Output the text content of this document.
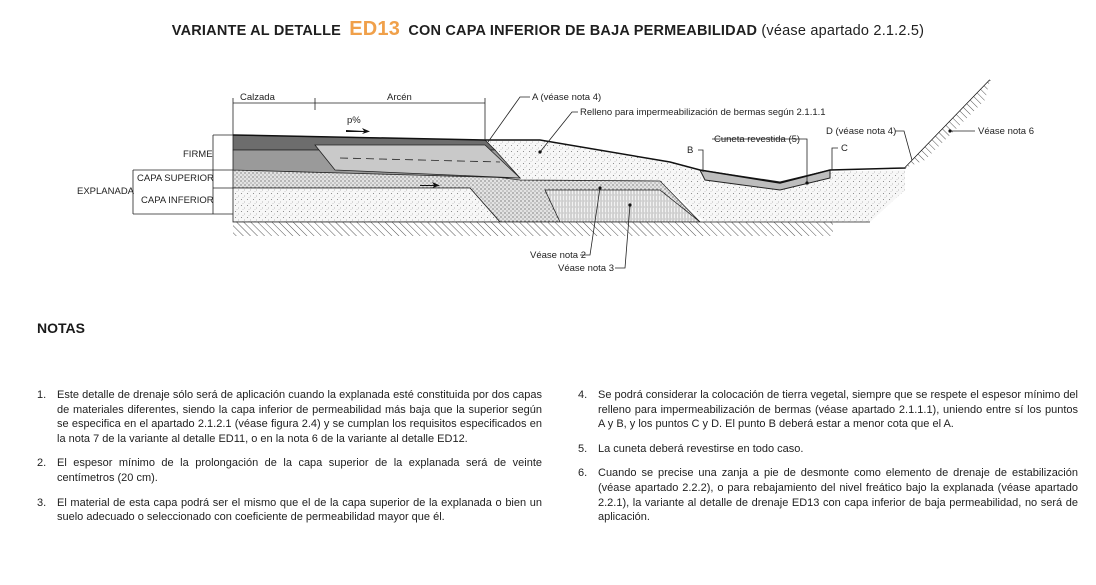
VARIANTE AL DETALLE ED13 CON CAPA INFERIOR DE BAJA PERMEABILIDAD (véase apartado 2.1.2.5)
Calzada	Arcén
p%
FIRME
CAPA SUPERIOR
EXPLANADA
CAPA INFERIOR
A (véase nota 4)
Relleno para impermeabilización de bermas según 2.1.1.1
B
Cuneta revestida (5)
C
D (véase nota 4)	Véase nota 6
Véase nota 2
Véase nota 3
NOTAS
1. Este detalle de drenaje sólo será de aplicación cuando la explanada esté constituida por dos capas de materiales diferentes, siendo la capa inferior de permeabilidad más baja que la superior según se especifica en el apartado 2.1.2.1 (véase figura 2.4) y se cumplan los requisitos especificados en la nota 7 de la variante al detalle ED11, o en la nota 6 de la variante al detalle ED12.
2. El espesor mínimo de la prolongación de la capa superior de la explanada será de veinte centímetros (20 cm).
3. El material de esta capa podrá ser el mismo que el de la capa superior de la explanada o bien un suelo adecuado o seleccionado con coeficiente de permeabilidad mayor que él.
4. Se podrá considerar la colocación de tierra vegetal, siempre que se respete el espesor mínimo del relleno para impermeabilización de bermas (véase apartado 2.1.1.1), uniendo entre sí los puntos A y B, y los puntos C y D. El punto B deberá estar a menor cota que el A.
5. La cuneta deberá revestirse en todo caso.
6. Cuando se precise una zanja a pie de desmonte como elemento de drenaje de estabilización (véase apartado 2.2.2), o para rebajamiento del nivel freático bajo la explanada (véase apartado 2.2.1), la variante al detalle de drenaje ED13 con capa inferior de baja permeabilidad, no será de aplicación.
